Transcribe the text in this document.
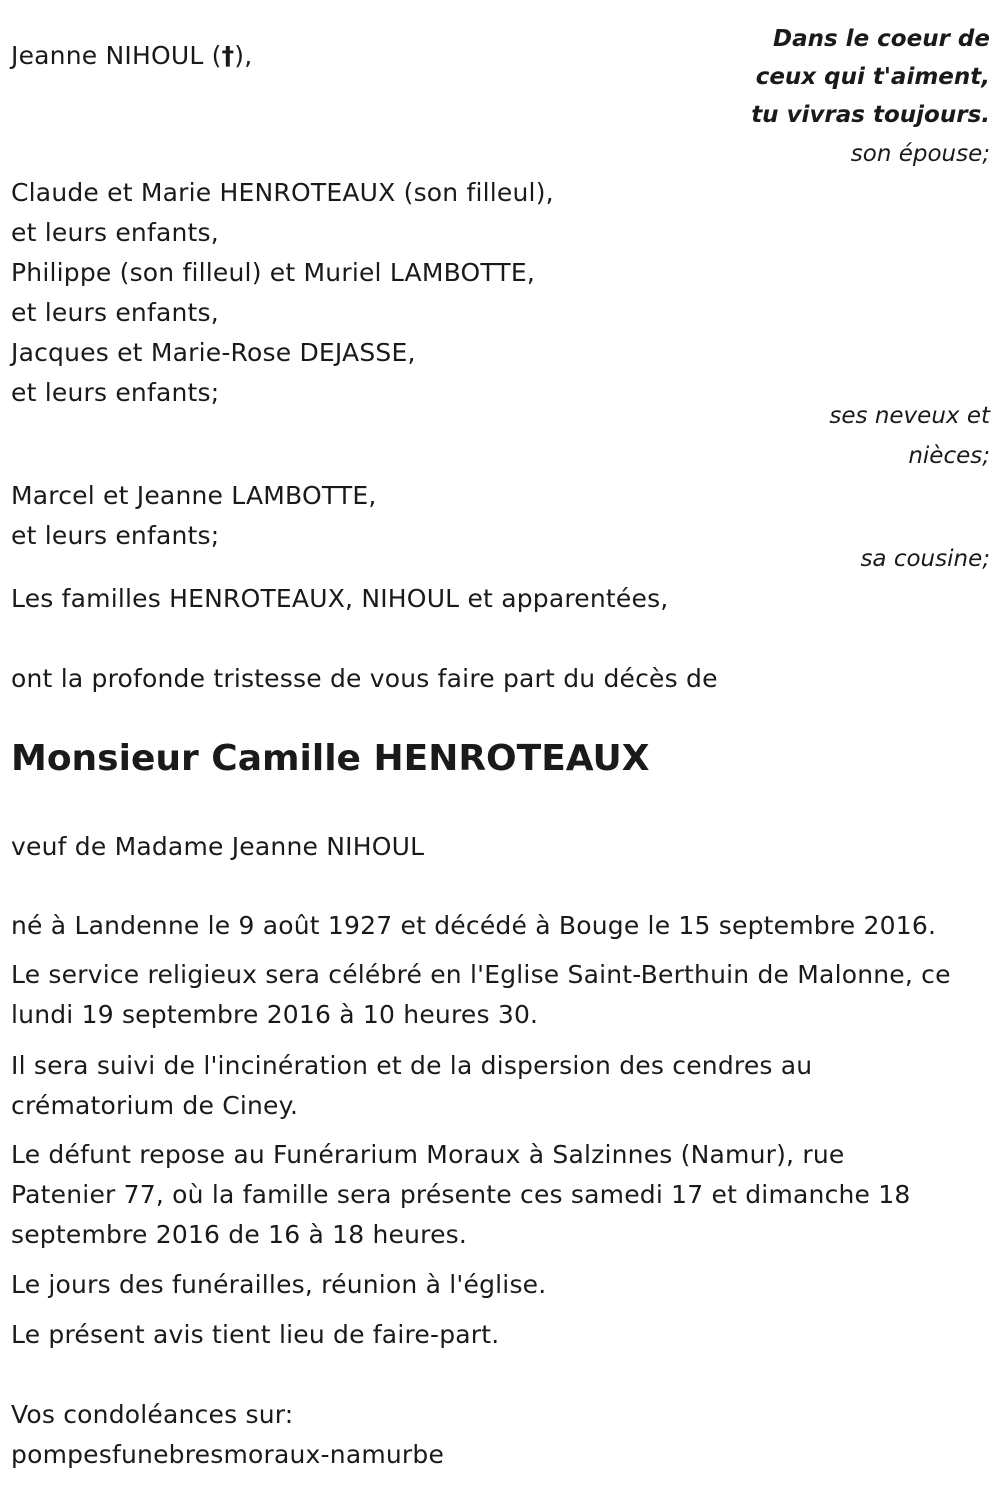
Jeanne NIHOUL (†),
Dans le coeur de
ceux qui t'aiment,
tu vivras toujours.
son épouse;
Claude et Marie HENROTEAUX (son filleul),
et leurs enfants,
Philippe (son filleul) et Muriel LAMBOTTE,
et leurs enfants,
Jacques et Marie-Rose DEJASSE,
et leurs enfants;
ses neveux et
nièces;
Marcel et Jeanne LAMBOTTE,
et leurs enfants;
sa cousine;
Les familles HENROTEAUX, NIHOUL et apparentées,
ont la profonde tristesse de vous faire part du décès de
Monsieur Camille HENROTEAUX
veuf de Madame Jeanne NIHOUL
né à Landenne le 9 août 1927 et décédé à Bouge le 15 septembre 2016.
Le service religieux sera célébré en l'Eglise Saint-Berthuin de Malonne, ce
lundi 19 septembre 2016 à 10 heures 30.
Il sera suivi de l'incinération et de la dispersion des cendres au
crématorium de Ciney.
Le défunt repose au Funérarium Moraux à Salzinnes (Namur), rue
Patenier 77, où la famille sera présente ces samedi 17 et dimanche 18
septembre 2016 de 16 à 18 heures.
Le jours des funérailles, réunion à l'église.
Le présent avis tient lieu de faire-part.
Vos condoléances sur:
pompesfunebresmoraux-namurbe
